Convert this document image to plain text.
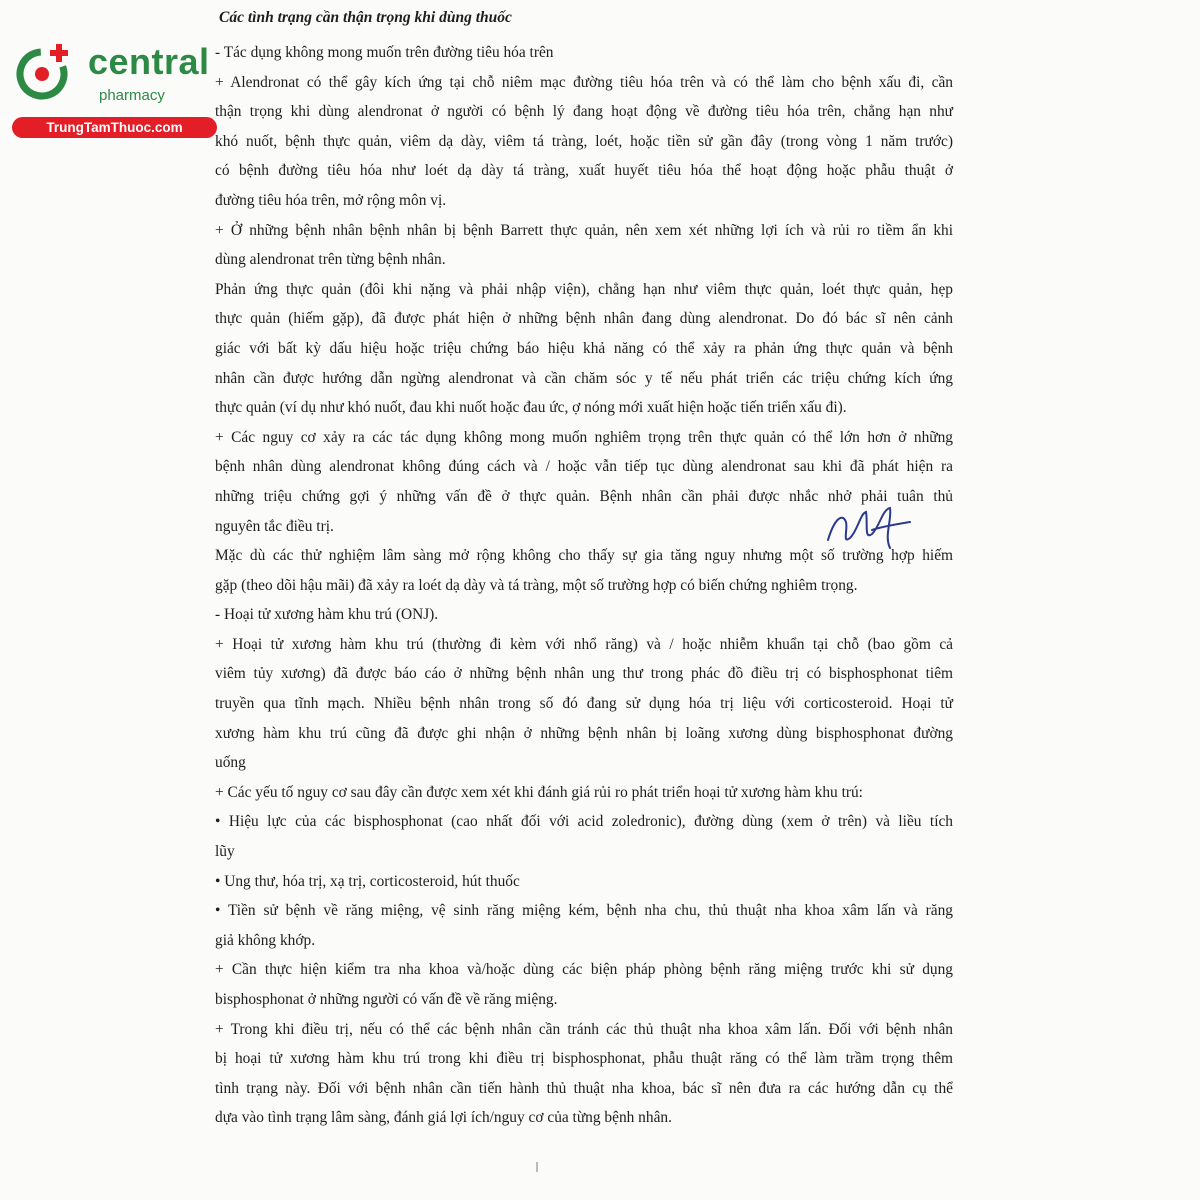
central
pharmacy
TrungTamThuoc.com
Các tình trạng cần thận trọng khi dùng thuốc
- Tác dụng không mong muốn trên đường tiêu hóa trên
+ Alendronat có thể gây kích ứng tại chỗ niêm mạc đường tiêu hóa trên và có thể làm cho bệnh xấu đi, cần
thận trọng khi dùng alendronat ở người có bệnh lý đang hoạt động về đường tiêu hóa trên, chẳng hạn như
khó nuốt, bệnh thực quản, viêm dạ dày, viêm tá tràng, loét, hoặc tiền sử gần đây (trong vòng 1 năm trước)
có bệnh đường tiêu hóa như loét dạ dày tá tràng, xuất huyết tiêu hóa thể hoạt động hoặc phẫu thuật ở
đường tiêu hóa trên, mở rộng môn vị.
+ Ở những bệnh nhân bệnh nhân bị bệnh Barrett thực quản, nên xem xét những lợi ích và rủi ro tiềm ẩn khi
dùng alendronat trên từng bệnh nhân.
Phản ứng thực quản (đôi khi nặng và phải nhập viện), chẳng hạn như viêm thực quản, loét thực quản, hẹp
thực quản (hiếm gặp), đã được phát hiện ở những bệnh nhân đang dùng alendronat. Do đó bác sĩ nên cảnh
giác với bất kỳ dấu hiệu hoặc triệu chứng báo hiệu khả năng có thể xảy ra phản ứng thực quản và bệnh
nhân cần được hướng dẫn ngừng alendronat và cần chăm sóc y tế nếu phát triển các triệu chứng kích ứng
thực quản (ví dụ như khó nuốt, đau khi nuốt hoặc đau ức, ợ nóng mới xuất hiện hoặc tiến triển xấu đi).
+ Các nguy cơ xảy ra các tác dụng không mong muốn nghiêm trọng trên thực quản có thể lớn hơn ở những
bệnh nhân dùng alendronat không đúng cách và / hoặc vẫn tiếp tục dùng alendronat sau khi đã phát hiện ra
những triệu chứng gợi ý những vấn đề ở thực quản. Bệnh nhân cần phải được nhắc nhở phải tuân thủ
nguyên tắc điều trị.
Mặc dù các thử nghiệm lâm sàng mở rộng không cho thấy sự gia tăng nguy nhưng một số trường hợp hiếm
gặp (theo dõi hậu mãi) đã xảy ra loét dạ dày và tá tràng, một số trường hợp có biến chứng nghiêm trọng.
- Hoại tử xương hàm khu trú (ONJ).
+ Hoại tử xương hàm khu trú (thường đi kèm với nhổ răng) và / hoặc nhiễm khuẩn tại chỗ (bao gồm cả
viêm tủy xương) đã được báo cáo ở những bệnh nhân ung thư trong phác đồ điều trị có bisphosphonat tiêm
truyền qua tĩnh mạch. Nhiều bệnh nhân trong số đó đang sử dụng hóa trị liệu với corticosteroid. Hoại tử
xương hàm khu trú cũng đã được ghi nhận ở những bệnh nhân bị loãng xương dùng bisphosphonat đường
uống
+ Các yếu tố nguy cơ sau đây cần được xem xét khi đánh giá rủi ro phát triển hoại tử xương hàm khu trú:
• Hiệu lực của các bisphosphonat (cao nhất đối với acid zoledronic), đường dùng (xem ở trên) và liều tích
lũy
• Ung thư, hóa trị, xạ trị, corticosteroid, hút thuốc
• Tiền sử bệnh về răng miệng, vệ sinh răng miệng kém, bệnh nha chu, thủ thuật nha khoa xâm lấn và răng
giả không khớp.
+ Cần thực hiện kiểm tra nha khoa và/hoặc dùng các biện pháp phòng bệnh răng miệng trước khi sử dụng
bisphosphonat ở những người có vấn đề về răng miệng.
+ Trong khi điều trị, nếu có thể các bệnh nhân cần tránh các thủ thuật nha khoa xâm lấn. Đối với bệnh nhân
bị hoại tử xương hàm khu trú trong khi điều trị bisphosphonat, phẫu thuật răng có thể làm trầm trọng thêm
tình trạng này. Đối với bệnh nhân cần tiến hành thủ thuật nha khoa, bác sĩ nên đưa ra các hướng dẫn cụ thể
dựa vào tình trạng lâm sàng, đánh giá lợi ích/nguy cơ của từng bệnh nhân.
